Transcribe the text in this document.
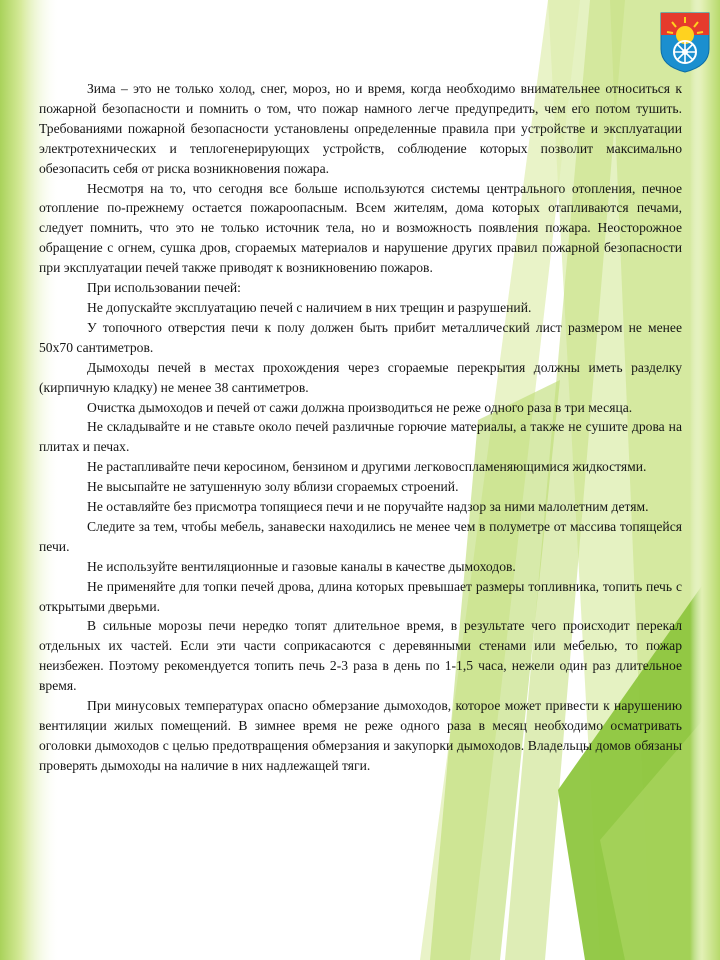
Зима – это не только холод, снег, мороз, но и время, когда необходимо внимательнее относиться к пожарной безопасности и помнить о том, что пожар намного легче предупредить, чем его потом тушить. Требованиями пожарной безопасности установлены определенные правила при устройстве и эксплуатации электротехнических и теплогенерирующих устройств, соблюдение которых позволит максимально обезопасить себя от риска возникновения пожара.

Несмотря на то, что сегодня все больше используются системы центрального отопления, печное отопление по-прежнему остается пожароопасным. Всем жителям, дома которых отапливаются печами, следует помнить, что это не только источник тела, но и возможность появления пожара. Неосторожное обращение с огнем, сушка дров, сгораемых материалов и нарушение других правил пожарной безопасности при эксплуатации печей также приводят к возникновению пожаров.

При использовании печей:

Не допускайте эксплуатацию печей с наличием в них трещин и разрушений.

У топочного отверстия печи к полу должен быть прибит металлический лист размером не менее 50х70 сантиметров.

Дымоходы печей в местах прохождения через сгораемые перекрытия должны иметь разделку (кирпичную кладку) не менее 38 сантиметров.

Очистка дымоходов и печей от сажи должна производиться не реже одного раза в три месяца.

Не складывайте и не ставьте около печей различные горючие материалы, а также не сушите дрова на плитах и печах.

Не растапливайте печи керосином, бензином и другими легковоспламеняющимися жидкостями.

Не высыпайте не затушенную золу вблизи сгораемых строений.

Не оставляйте без присмотра топящиеся печи и не поручайте надзор за ними малолетним детям.

Следите за тем, чтобы мебель, занавески находились не менее чем в полуметре от массива топящейся печи.

Не используйте вентиляционные и газовые каналы в качестве дымоходов.

Не применяйте для топки печей дрова, длина которых превышает размеры топливника, топить печь с открытыми дверьми.

В сильные морозы печи нередко топят длительное время, в результате чего происходит перекал отдельных их частей. Если эти части соприкасаются с деревянными стенами или мебелью, то пожар неизбежен. Поэтому рекомендуется топить печь 2-3 раза в день по 1-1,5 часа, нежели один раз длительное время.

При минусовых температурах опасно обмерзание дымоходов, которое может привести к нарушению вентиляции жилых помещений. В зимнее время не реже одного раза в месяц необходимо осматривать оголовки дымоходов с целью предотвращения обмерзания и закупорки дымоходов. Владельцы домов обязаны проверять дымоходы на наличие в них надлежащей тяги.
